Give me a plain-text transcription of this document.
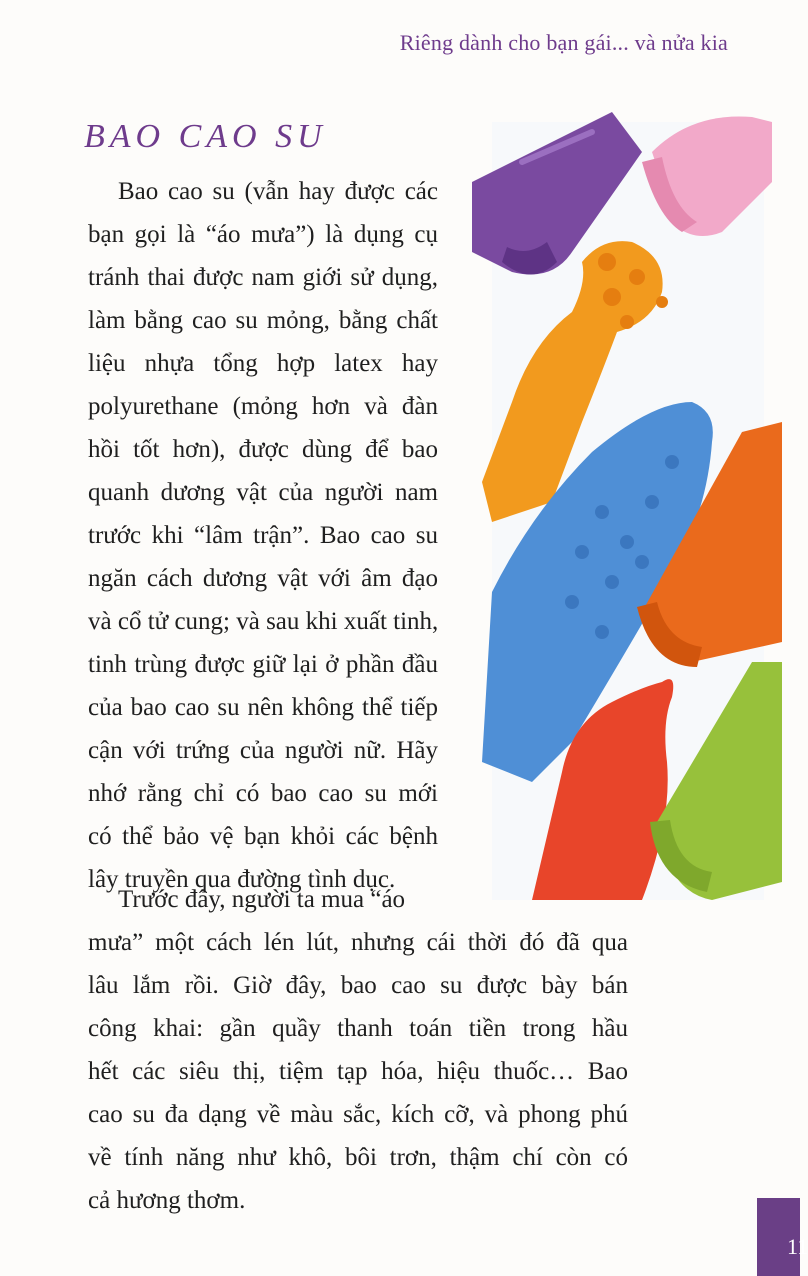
Riêng dành cho bạn gái... và nửa kia
BAO CAO SU

Bao cao su (vẫn hay được các
bạn gọi là “áo mưa”) là dụng cụ
tránh thai được nam giới sử dụng,
làm bằng cao su mỏng, bằng chất
liệu nhựa tổng hợp latex hay
polyurethane (mỏng hơn và đàn
hồi tốt hơn), được dùng để bao
quanh dương vật của người nam
trước khi “lâm trận”. Bao cao su
ngăn cách dương vật với âm đạo
và cổ tử cung; và sau khi xuất tinh,
tinh trùng được giữ lại ở phần đầu
của bao cao su nên không thể tiếp
cận với trứng của người nữ. Hãy
nhớ rằng chỉ có bao cao su mới
có thể bảo vệ bạn khỏi các bệnh
lây truyền qua đường tình dục.

Trước đây, người ta mua “áo
mưa” một cách lén lút, nhưng cái thời đó đã qua
lâu lắm rồi. Giờ đây, bao cao su được bày bán
công khai: gần quầy thanh toán tiền trong hầu
hết các siêu thị, tiệm tạp hóa, hiệu thuốc… Bao
cao su đa dạng về màu sắc, kích cỡ, và phong phú
về tính năng như khô, bôi trơn, thậm chí còn có
cả hương thơm.

11
